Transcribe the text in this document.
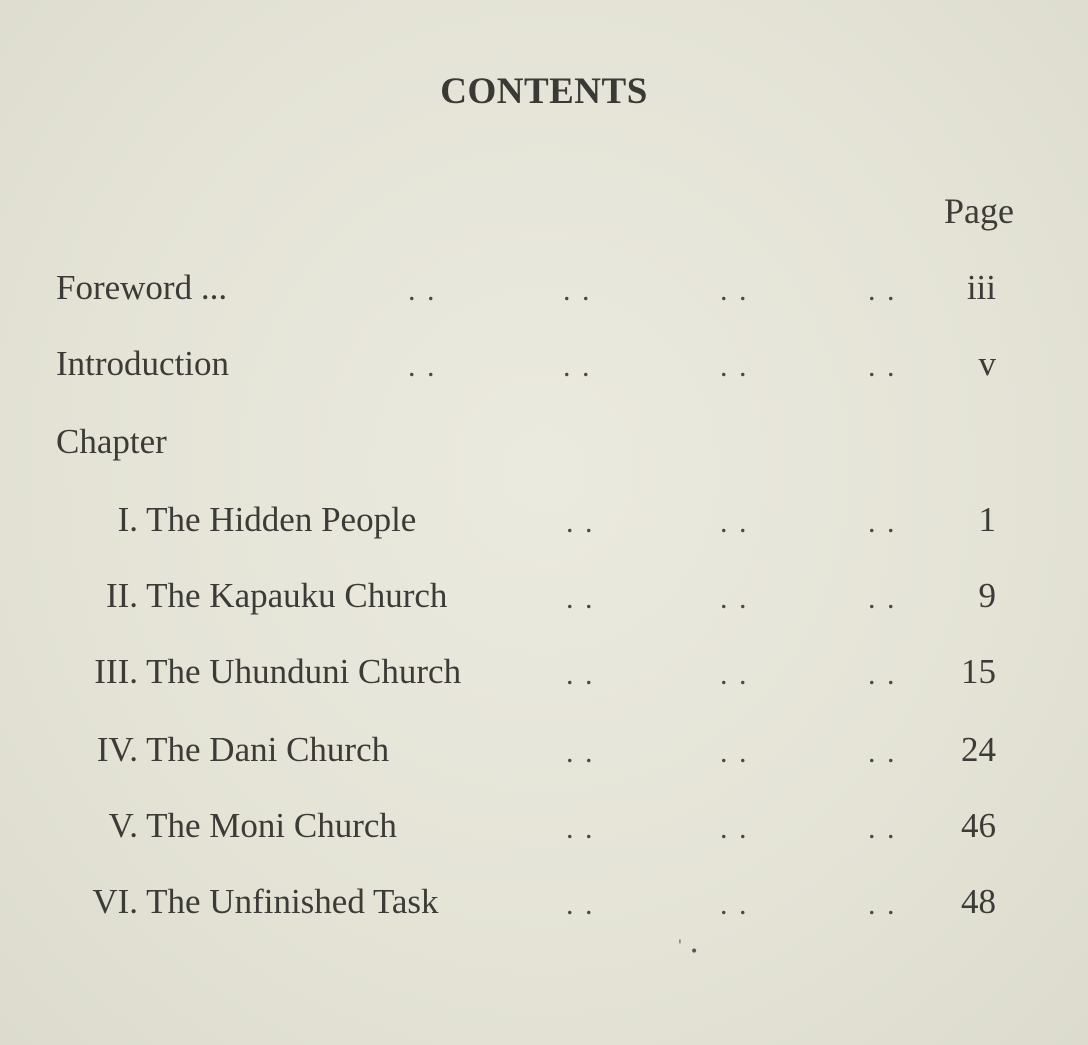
CONTENTS
Page
Foreword ...	. .	. .	. .	. . iii
Introduction	. .	. .	. .	. . v
Chapter
I. The Hidden People	. .	. .	. . 1
II. The Kapauku Church	. .	. .	. . 9
III. The Uhunduni Church	. .	. .	. . 15
IV. The Dani Church	. .	. .	. . 24
V. The Moni Church	. .	. .	. . 46
VI. The Unfinished Task	. .	. .	. . 48
' •
